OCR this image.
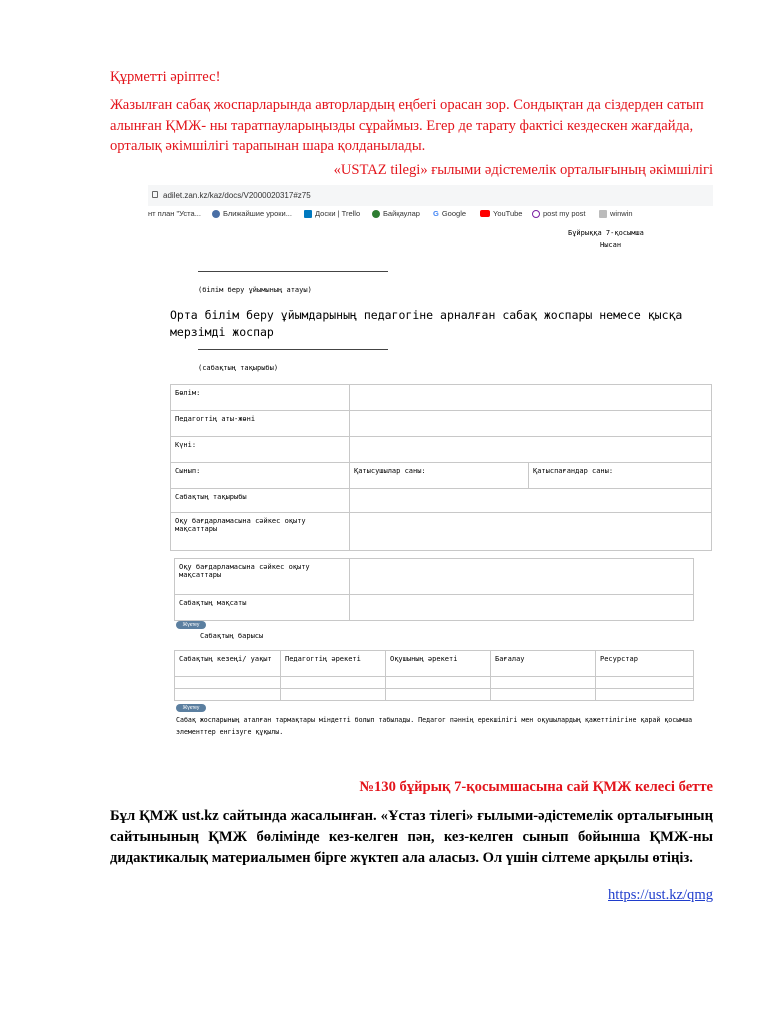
Құрметті әріптес!

Жазылған сабақ жоспарларында авторлардың еңбегі орасан зор. Сондықтан да сіздерден сатып алынған ҚМЖ- ны таратпауларыңызды сұраймыз. Егер де тарату фактісі кездескен жағдайда, орталық әкімшілігі тарапынан шара қолданылады.

«USTAZ tilegi» ғылыми әдістемелік орталығының әкімшілігі

adilet.zan.kz/kaz/docs/V2000020317#z75
нт план "Уста...	Ближайшие уроки...	Доски | Trello	Байқаулар G Google	YouTube	post my post	winwin
Бұйрыққа 7-қосымша
Нысан
(білім беру ұйымының атауы)
Орта білім беру ұйымдарының педагогіне арналған сабақ жоспары немесе қысқа мерзімді жоспар
(сабақтың тақырыбы)
Бөлім:		
Педагогтің аты-жөні		
Күні:		
Сынып:	Қатысушылар саны:	Қатыспағандар саны:
Сабақтың тақырыбы		
Оқу бағдарламасына сәйкес оқыту мақсаттары		
Оқу бағдарламасына сәйкес оқыту мақсаттары	
Сабақтың мақсаты	
Жүктеу
Сабақтың барысы
Сабақтың кезеңі/ уақыт	Педагогтің әрекеті	Оқушының әрекеті	Бағалау	Ресурстар

Жүктеу
Сабақ жоспарының аталған тармақтары міндетті болып табылады. Педагог пәннің ерекшілігі мен оқушылардың қажеттілігіне қарай қосымша элементтер енгізуге құқылы.

№130 бұйрық 7-қосымшасына сай ҚМЖ келесі бетте

Бұл ҚМЖ ust.kz сайтында жасалынған. «Ұстаз тілегі» ғылыми-әдістемелік орталығының сайтынының ҚМЖ бөлімінде кез-келген пән, кез-келген сынып бойынша ҚМЖ-ны дидактикалық материалымен бірге жүктеп ала аласыз. Ол үшін сілтеме арқылы өтіңіз.

https://ust.kz/qmg
